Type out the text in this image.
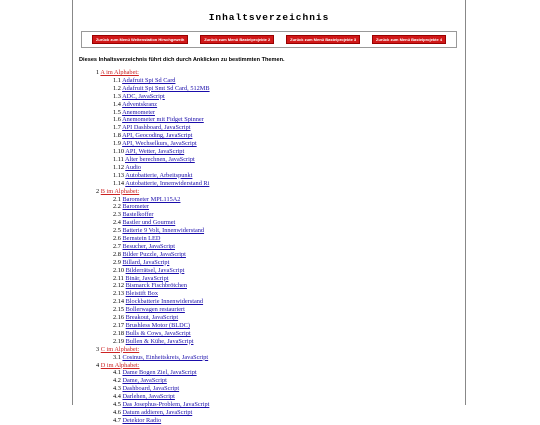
Inhaltsverzeichnis
Zurück zum Menü Weltenstation Hirschgeweih	Zurück zum Menü Bastelprojekte 2	Zurück zum Menü Bastelprojekte 3	Zurück zum Menü Bastelprojekte 4
Dieses Inhaltsverzeichnis führt dich durch Anklicken zu bestimmten Themen.
1 A im Alphabet:
1.1 Adafruit Spi Sd Card
1.2 Adafruit Spi Smt Sd Card, 512MB
1.3 ADC, JavaScript
1.4 Adventskranz
1.5 Anemometer
1.6 Anemometer mit Fidget Spinner
1.7 API Dashboard, JavaScript
1.8 API, Geocoding, JavaScript
1.9 API, Wechselkurs, JavaScript
1.10 API, Wetter, JavaScript
1.11 Alter berechnen, JavaScript
1.12 Audio
1.13 Autobatterie, Arbeitspunkt
1.14 Autobatterie, Innenwiderstand Ri
2 B im Alphabet:
2.1 Barometer MPL115A2
2.2 Barometer
2.3 Bastelkoffer
2.4 Bastler und Gourmet
2.5 Batterie 9 Volt, Innenwiderstand
2.6 Bernstein LED
2.7 Besucher, JavaScript
2.8 Bilder Puzzle, JavaScript
2.9 Billard, JavaScript
2.10 Bilderrätsel, JavaScript
2.11 Binär, JavaScript
2.12 Bismarck Fischbrötchen
2.13 Bleistift Box
2.14 Blockbatterie Innenwiderstand
2.15 Bollerwagen restauriert
2.16 Breakout, JavaScript
2.17 Brushless Motor (BLDC)
2.18 Bulls & Cows, JavaScript
2.19 Bullen & Kühe, JavaScript
3 C im Alphabet:
3.1 Cosinus, Einheitskreis, JavaScript
4 D im Alphabet:
4.1 Dame Bogen Ziel, JavaScript
4.2 Dame, JavaScript
4.3 Dashboard, JavaScript
4.4 Darlehen, JavaScript
4.5 Das Josephus-Problem, JavaScript
4.6 Datum addieren, JavaScript
4.7 Detektor Radio
